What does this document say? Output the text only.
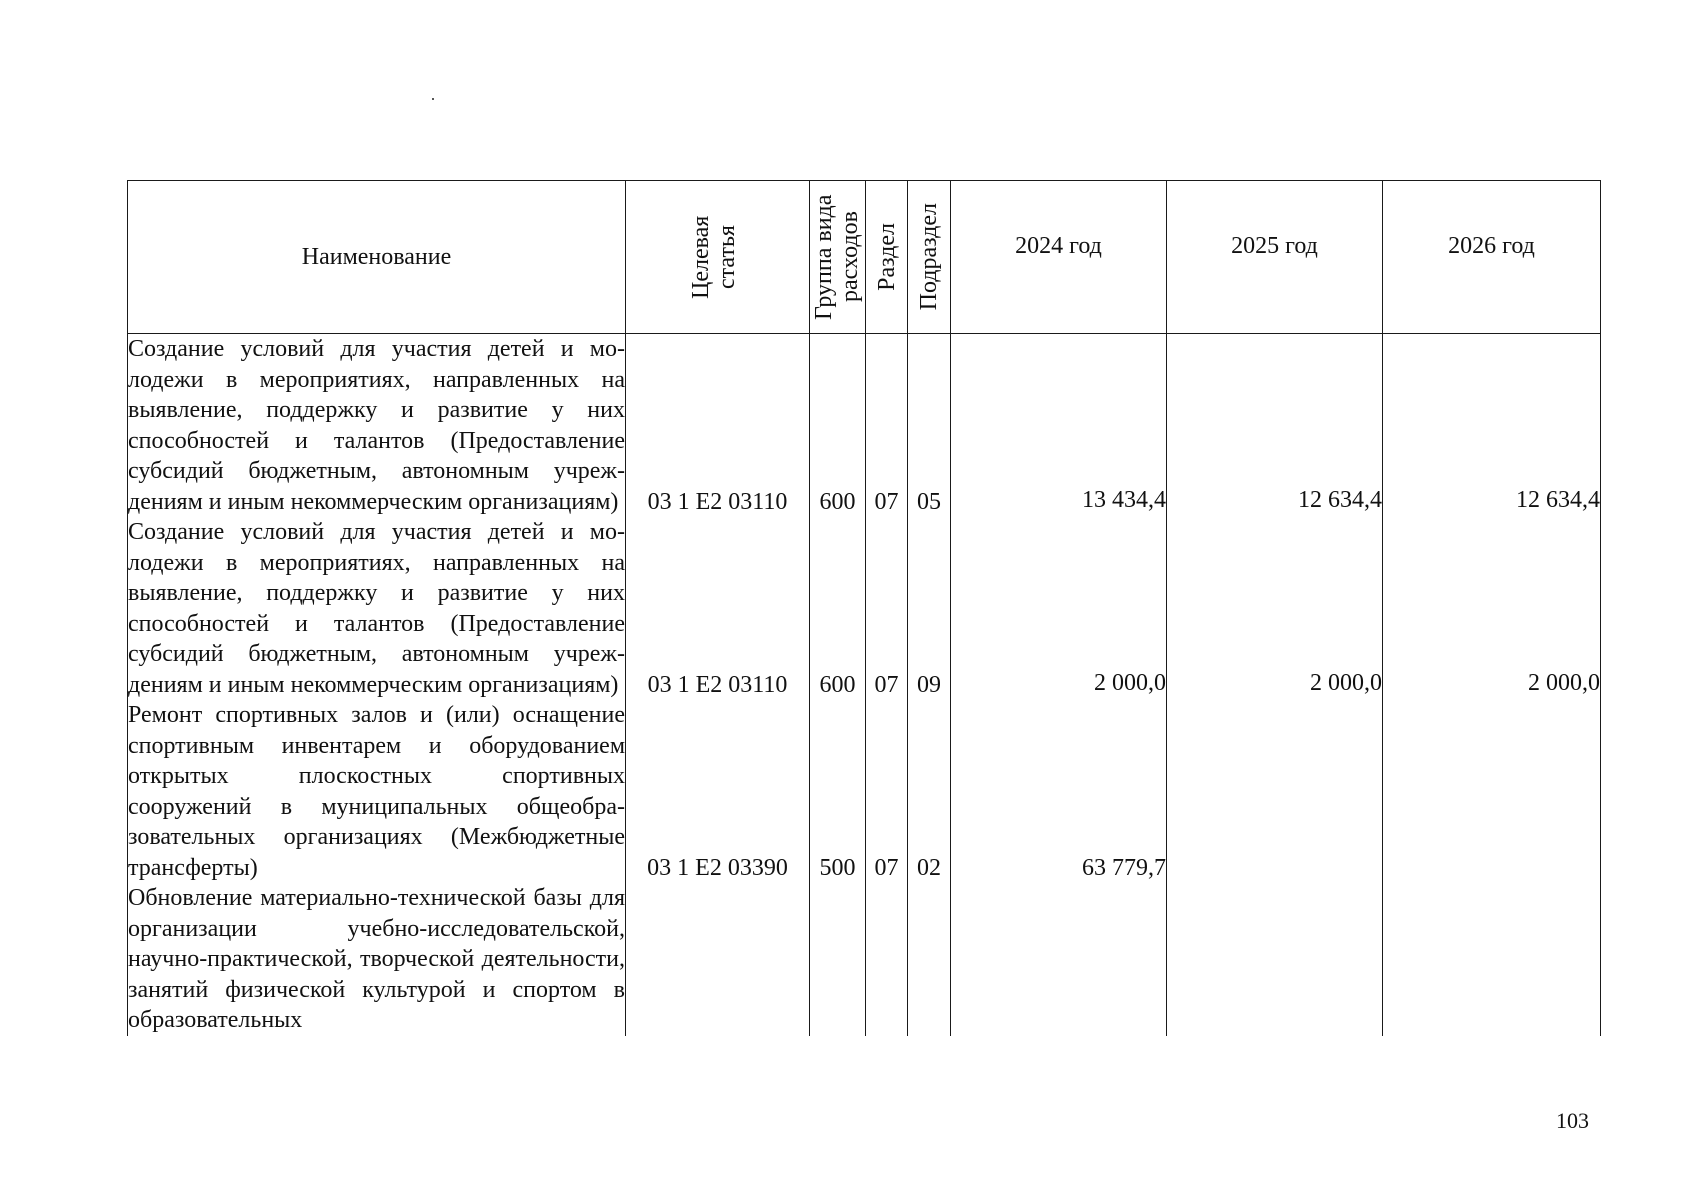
Наименование	Целевая статья	Группа вида расходов	Раздел	Подраздел	2024 год	2025 год	2026 год

Создание условий для участия детей и молодежи в мероприятиях, направленных на выявление, поддержку и развитие у них способностей и талантов (Предоставление субсидий бюджетным, автономным учреждениям и иным некоммерческим организациям)	03 1 Е2 03110	600	07	05	13 434,4	12 634,4	12 634,4
Создание условий для участия детей и молодежи в мероприятиях, направленных на выявление, поддержку и развитие у них способностей и талантов (Предоставление субсидий бюджетным, автономным учреждениям и иным некоммерческим организациям)	03 1 Е2 03110	600	07	09	2 000,0	2 000,0	2 000,0
Ремонт спортивных залов и (или) оснащение спортивным инвентарем и оборудованием открытых плоскостных спортивных сооружений в муниципальных общеобразовательных организациях (Межбюджетные трансферты)	03 1 Е2 03390	500	07	02	63 779,7		
Обновление материально-технической базы для организации учебно-исследовательской, научно-практической, творческой деятельности, занятий физической культурой и спортом в образовательных							
103
